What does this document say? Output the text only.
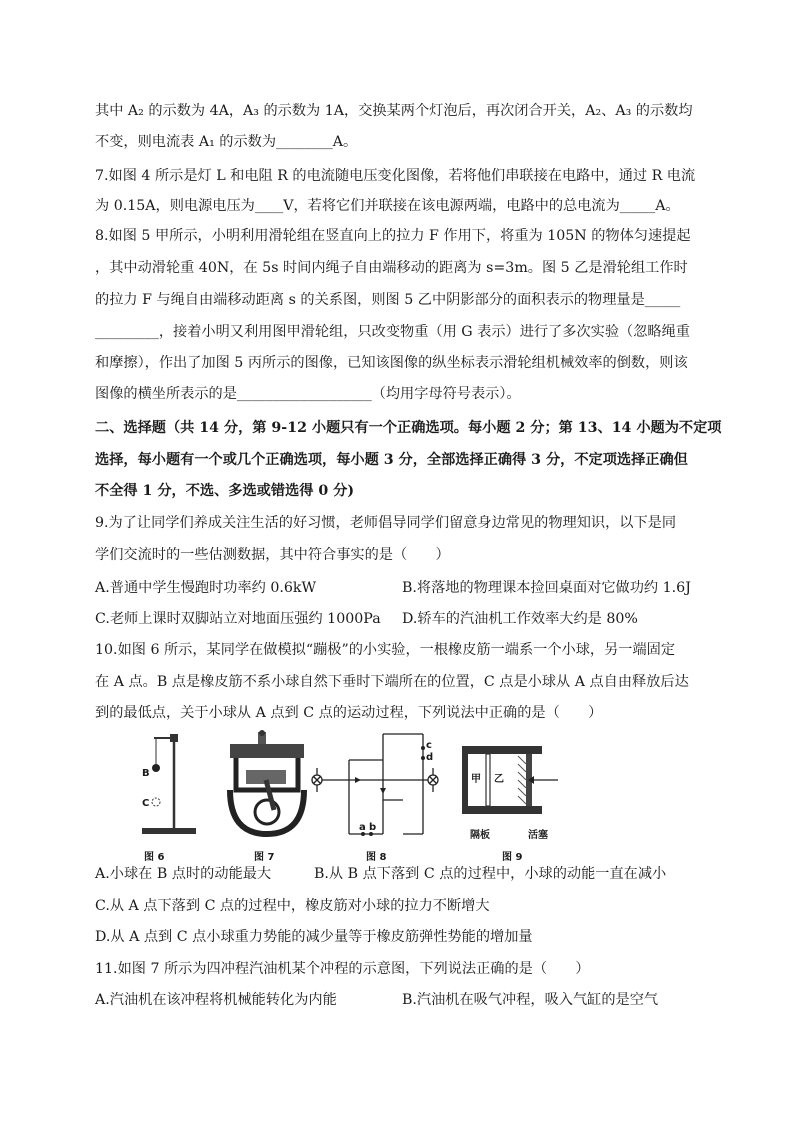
其中 A₂ 的示数为 4A，A₃ 的示数为 1A，交换某两个灯泡后，再次闭合开关，A₂、A₃ 的示数均
不变，则电流表 A₁ 的示数为________A。
7.如图 4 所示是灯 L 和电阻 R 的电流随电压变化图像，若将他们串联接在电路中，通过 R 电流
为 0.15A，则电源电压为____V，若将它们并联接在该电源两端，电路中的总电流为_____A。
8.如图 5 甲所示，小明利用滑轮组在竖直向上的拉力 F 作用下，将重为 105N 的物体匀速提起
，其中动滑轮重 40N，在 5s 时间内绳子自由端移动的距离为 s=3m。图 5 乙是滑轮组工作时
的拉力 F 与绳自由端移动距离 s 的关系图，则图 5 乙中阴影部分的面积表示的物理量是_____
_________，接着小明又利用图甲滑轮组，只改变物重（用 G 表示）进行了多次实验（忽略绳重
和摩擦），作出了加图 5 丙所示的图像，已知该图像的纵坐标表示滑轮组机械效率的倒数，则该
图像的横坐所表示的是___________________（均用字母符号表示）。
二、选择题（共 14 分，第 9-12 小题只有一个正确选项。每小题 2 分；第 13、14 小题为不定项
选择，每小题有一个或几个正确选项，每小题 3 分，全部选择正确得 3 分，不定项选择正确但
不全得 1 分，不选、多选或错选得 0 分)
9.为了让同学们养成关注生活的好习惯，老师倡导同学们留意身边常见的物理知识，以下是同
学们交流时的一些估测数据，其中符合事实的是（　　）
A.普通中学生慢跑时功率约 0.6kW	B.将落地的物理课本捡回桌面对它做功约 1.6J
C.老师上课时双脚站立对地面压强约 1000Pa D.轿车的汽油机工作效率大约是 80%
10.如图 6 所示，某同学在做模拟“蹦极”的小实验，一根橡皮筋一端系一个小球，另一端固定
在 A 点。B 点是橡皮筋不系小球自然下垂时下端所在的位置，C 点是小球从 A 点自由释放后达
到的最低点，关于小球从 A 点到 C 点的运动过程，下列说法中正确的是（　　）
B
C
图 6	图 7
c
d
a b
图 8
甲 乙
隔板	活塞
图 9
A.小球在 B 点时的动能最大	B.从 B 点下落到 C 点的过程中，小球的动能一直在减小
C.从 A 点下落到 C 点的过程中，橡皮筋对小球的拉力不断增大
D.从 A 点到 C 点小球重力势能的减少量等于橡皮筋弹性势能的增加量
11.如图 7 所示为四冲程汽油机某个冲程的示意图，下列说法正确的是（　　）
A.汽油机在该冲程将机械能转化为内能	B.汽油机在吸气冲程，吸入气缸的是空气
